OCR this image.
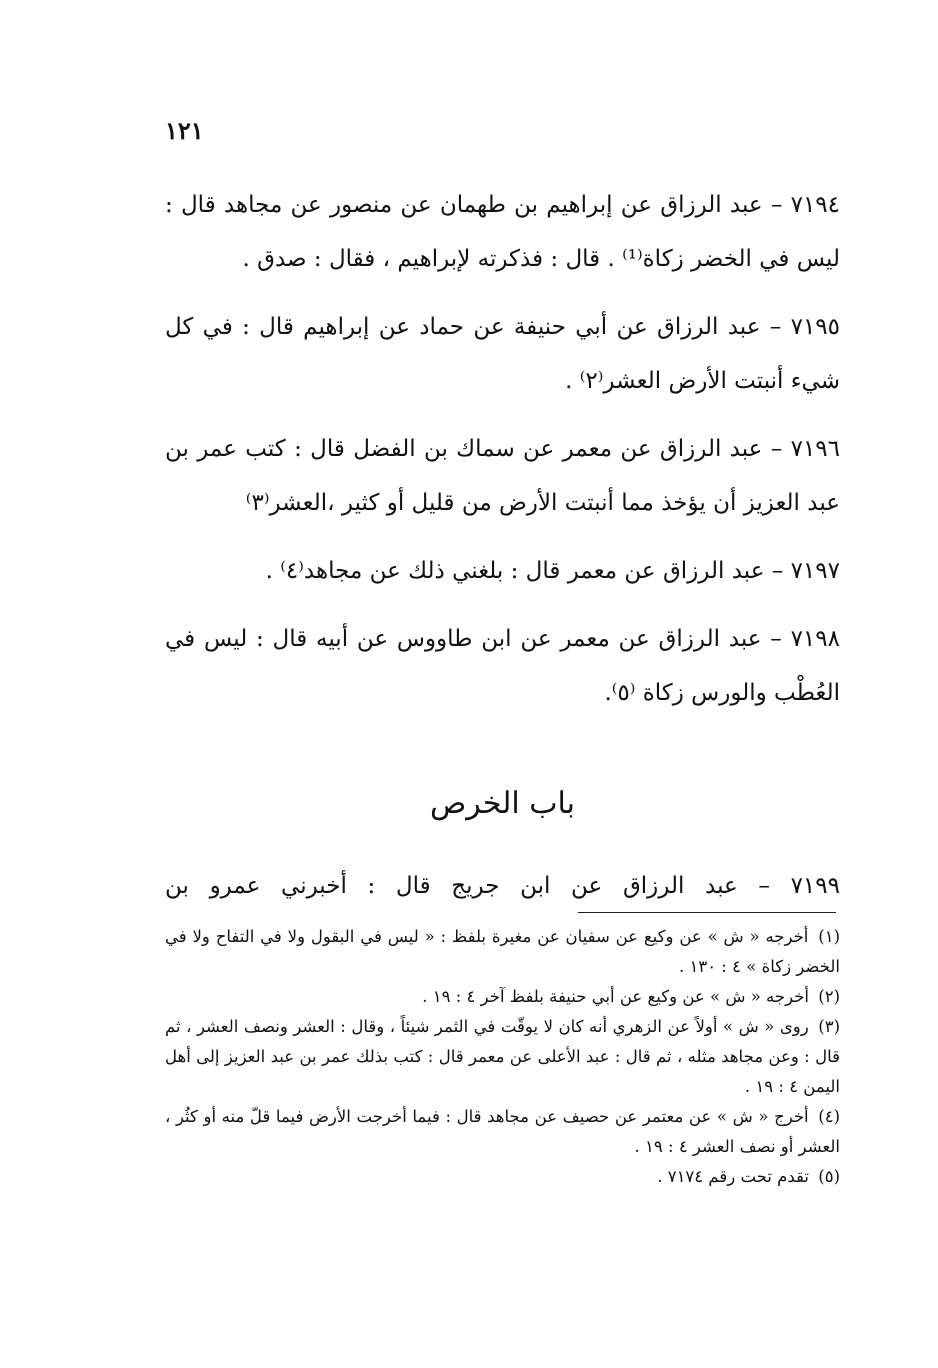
١٢١

٧١٩٤ – عبد الرزاق عن إبراهيم بن طهمان عن منصور عن مجاهد قال : ليس في الخضر زكاة⁽¹⁾ . قال : فذكرته لإبراهيم ، فقال : صدق .

٧١٩٥ – عبد الرزاق عن أبي حنيفة عن حماد عن إبراهيم قال : في كل شيء أنبتت الأرض العشر⁽٢⁾ .

٧١٩٦ – عبد الرزاق عن معمر عن سماك بن الفضل قال : كتب عمر بن عبد العزيز أن يؤخذ مما أنبتت الأرض من قليل أو كثير ،العشر⁽٣⁾

٧١٩٧ – عبد الرزاق عن معمر قال : بلغني ذلك عن مجاهد⁽٤⁾ .

٧١٩٨ – عبد الرزاق عن معمر عن ابن طاووس عن أبيه قال : ليس في العُطْب والورس زكاة ⁽٥⁾.

باب الخرص
٧١٩٩ – عبد الرزاق عن ابن جريج قال : أخبرني عمرو بن

(١) أخرجه « ش » عن وكيع عن سفيان عن مغيرة بلفظ : « ليس في البقول ولا في التفاح ولا في الخضر زكاة » ٤ : ١٣٠ .

(٢) أخرجه « ش » عن وكيع عن أبي حنيفة بلفظ آخر ٤ : ١٩ .

(٣) روى « ش » أولاً عن الزهري أنه كان لا يوقّت في الثمر شيئاً ، وقال : العشر ونصف العشر ، ثم قال : وعن مجاهد مثله ، ثم قال : عبد الأعلى عن معمر قال : كتب بذلك عمر بن عبد العزيز إلى أهل اليمن ٤ : ١٩ .

(٤) أخرج « ش » عن معتمر عن حصيف عن مجاهد قال : فيما أخرجت الأرض فيما قلّ منه أو كثُر ، العشر أو نصف العشر ٤ : ١٩ .

(٥) تقدم تحت رقم ٧١٧٤ .
